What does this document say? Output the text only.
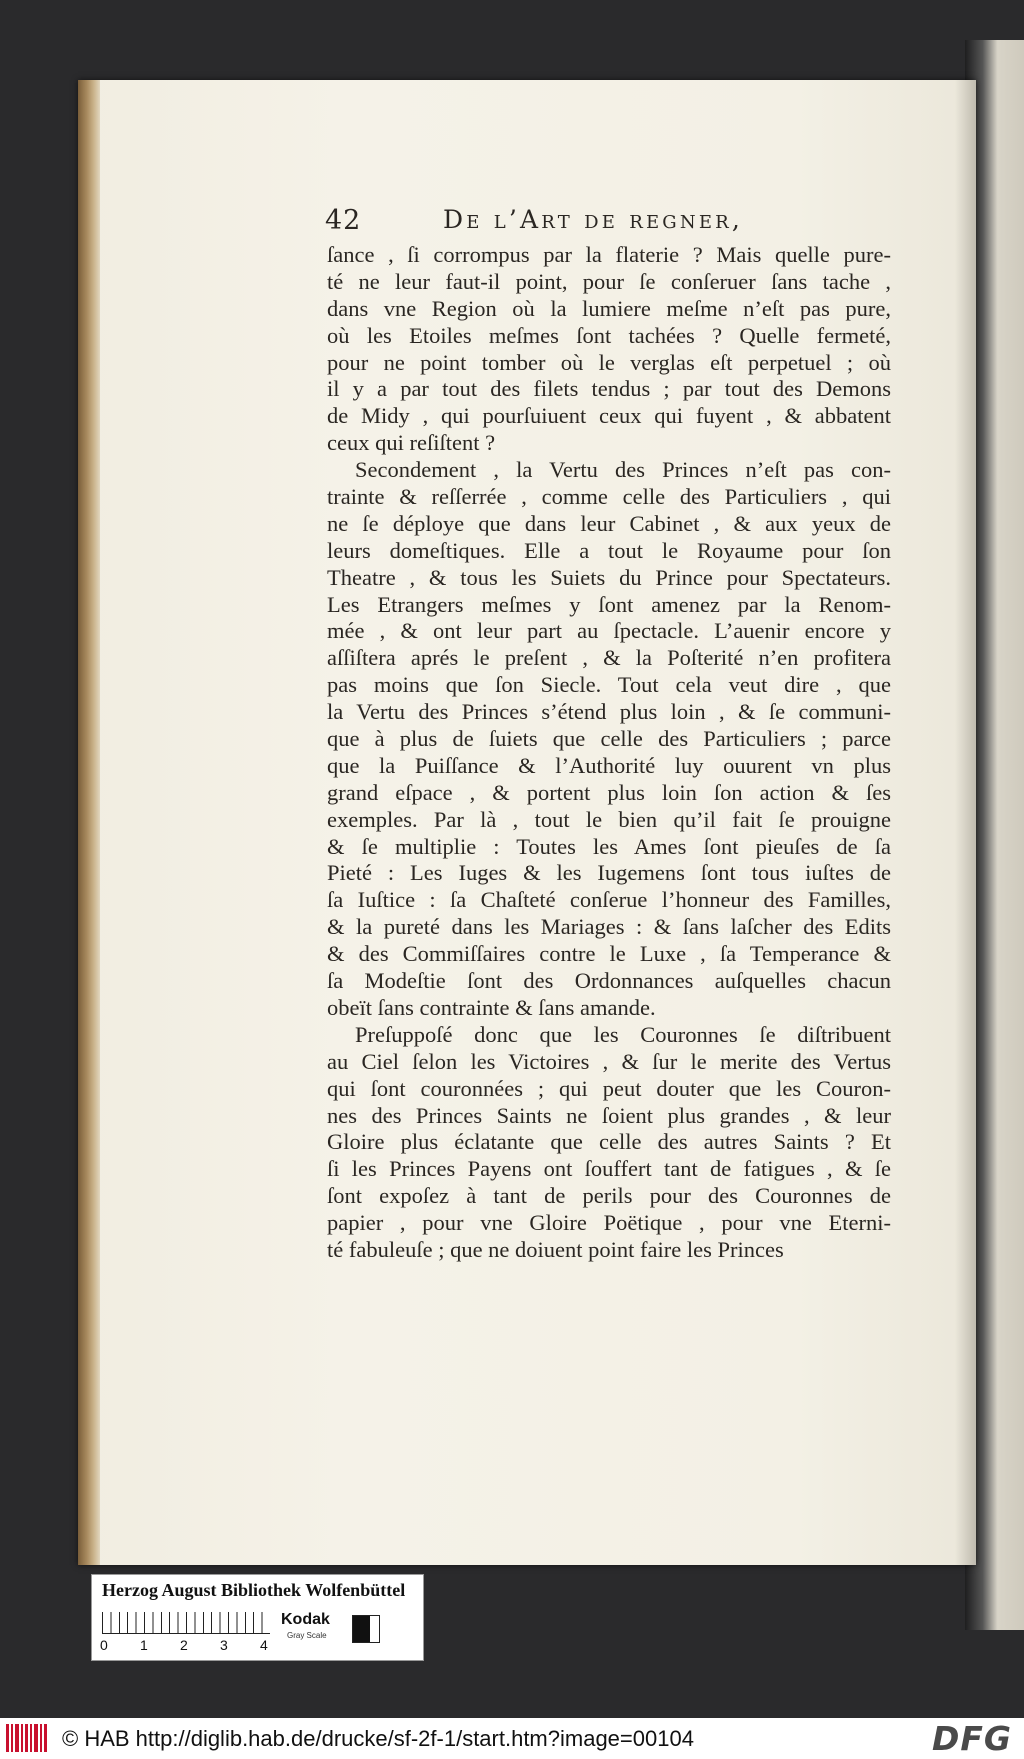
42	De l’Art de regner,
ſance , ſi corrompus par la flaterie ? Mais quelle pure-
té ne leur faut-il point, pour ſe conſeruer ſans tache ,
dans vne Region où la lumiere meſme n’eſt pas pure,
où les Etoiles meſmes ſont tachées ? Quelle fermeté,
pour ne point tomber où le verglas eſt perpetuel ; où
il y a par tout des filets tendus ; par tout des Demons
de Midy , qui pourſuiuent ceux qui fuyent , & abbatent
ceux qui reſiſtent ?
Secondement , la Vertu des Princes n’eſt pas con-
trainte & reſſerrée , comme celle des Particuliers , qui
ne ſe déploye que dans leur Cabinet , & aux yeux de
leurs domeſtiques. Elle a tout le Royaume pour ſon
Theatre , & tous les Suiets du Prince pour Spectateurs.
Les Etrangers meſmes y ſont amenez par la Renom-
mée , & ont leur part au ſpectacle. L’auenir encore y
aſſiſtera aprés le preſent , & la Poſterité n’en profitera
pas moins que ſon Siecle. Tout cela veut dire , que
la Vertu des Princes s’étend plus loin , & ſe communi-
que à plus de ſuiets que celle des Particuliers ; parce
que la Puiſſance & l’Authorité luy ouurent vn plus
grand eſpace , & portent plus loin ſon action & ſes
exemples. Par là , tout le bien qu’il fait ſe prouigne
& ſe multiplie : Toutes les Ames ſont pieuſes de ſa
Pieté : Les Iuges & les Iugemens ſont tous iuſtes de
ſa Iuſtice : ſa Chaſteté conſerue l’honneur des Familles,
& la pureté dans les Mariages : & ſans laſcher des Edits
& des Commiſſaires contre le Luxe , ſa Temperance &
ſa Modeſtie ſont des Ordonnances auſquelles chacun
obeït ſans contrainte & ſans amande.
Preſuppoſé donc que les Couronnes ſe diſtribuent
au Ciel ſelon les Victoires , & ſur le merite des Vertus
qui ſont couronnées ; qui peut douter que les Couron-
nes des Princes Saints ne ſoient plus grandes , & leur
Gloire plus éclatante que celle des autres Saints ? Et
ſi les Princes Payens ont ſouffert tant de fatigues , & ſe
ſont expoſez à tant de perils pour des Couronnes de
papier , pour vne Gloire Poëtique , pour vne Eterni-
té fabuleuſe ; que ne doiuent point faire les Princes
Herzog August Bibliothek Wolfenbüttel
0 1 2 3 4
Kodak
Gray Scale
© HAB http://diglib.hab.de/drucke/sf-2f-1/start.htm?image=00104	DFG
